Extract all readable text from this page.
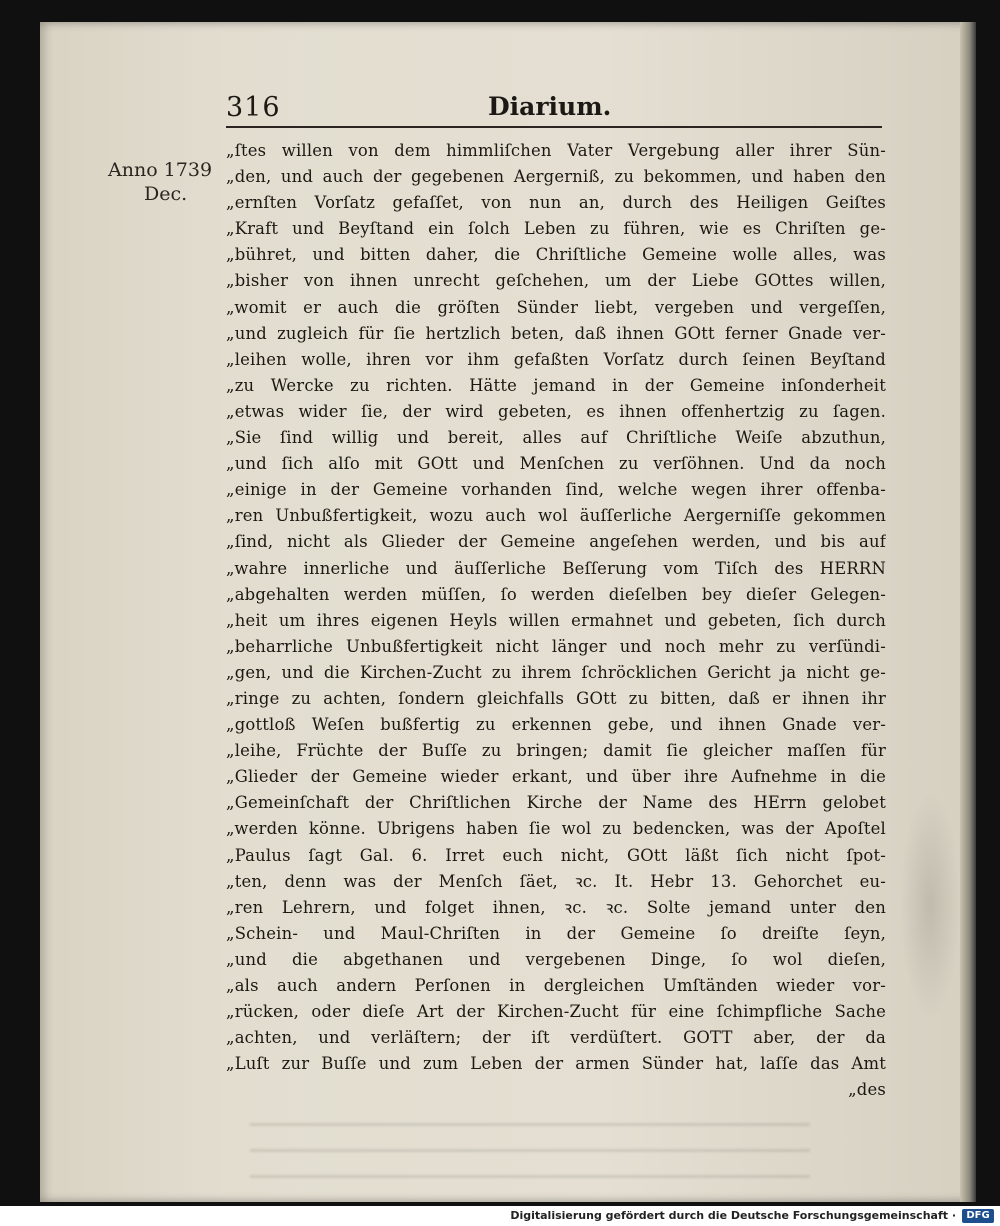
316	Diarium.
Anno 1739
Dec.
„ſtes willen von dem himmliſchen Vater Vergebung aller ihrer Sün-
„den, und auch der gegebenen Aergerniß, zu bekommen, und haben den
„ernſten Vorſatz gefaſſet, von nun an, durch des Heiligen Geiſtes
„Kraft und Beyſtand ein ſolch Leben zu führen, wie es Chriſten ge-
„bühret, und bitten daher, die Chriſtliche Gemeine wolle alles, was
„bisher von ihnen unrecht geſchehen, um der Liebe GOttes willen,
„womit er auch die gröſten Sünder liebt, vergeben und vergeſſen,
„und zugleich für ſie hertzlich beten, daß ihnen GOtt ferner Gnade ver-
„leihen wolle, ihren vor ihm gefaßten Vorſatz durch ſeinen Beyſtand
„zu Wercke zu richten. Hätte jemand in der Gemeine inſonderheit
„etwas wider ſie, der wird gebeten, es ihnen offenhertzig zu ſagen.
„Sie ſind willig und bereit, alles auf Chriſtliche Weiſe abzuthun,
„und ſich alſo mit GOtt und Menſchen zu verſöhnen. Und da noch
„einige in der Gemeine vorhanden ſind, welche wegen ihrer offenba-
„ren Unbußfertigkeit, wozu auch wol äuſſerliche Aergerniſſe gekommen
„ſind, nicht als Glieder der Gemeine angeſehen werden, und bis auf
„wahre innerliche und äuſſerliche Beſſerung vom Tiſch des HERRN
„abgehalten werden müſſen, ſo werden dieſelben bey dieſer Gelegen-
„heit um ihres eigenen Heyls willen ermahnet und gebeten, ſich durch
„beharrliche Unbußfertigkeit nicht länger und noch mehr zu verſündi-
„gen, und die Kirchen-Zucht zu ihrem ſchröcklichen Gericht ja nicht ge-
„ringe zu achten, ſondern gleichfalls GOtt zu bitten, daß er ihnen ihr
„gottloß Weſen bußfertig zu erkennen gebe, und ihnen Gnade ver-
„leihe, Früchte der Buſſe zu bringen; damit ſie gleicher maſſen für
„Glieder der Gemeine wieder erkant, und über ihre Aufnehme in die
„Gemeinſchaft der Chriſtlichen Kirche der Name des HErrn gelobet
„werden könne. Ubrigens haben ſie wol zu bedencken, was der Apoſtel
„Paulus ſagt Gal. 6. Irret euch nicht, GOtt läßt ſich nicht ſpot-
„ten, denn was der Menſch ſäet, ꝛc. It. Hebr 13. Gehorchet eu-
„ren Lehrern, und folget ihnen, ꝛc. ꝛc. Solte jemand unter den
„Schein- und Maul-Chriſten in der Gemeine ſo dreiſte ſeyn,
„und die abgethanen und vergebenen Dinge, ſo wol dieſen,
„als auch andern Perſonen in dergleichen Umſtänden wieder vor-
„rücken, oder dieſe Art der Kirchen-Zucht für eine ſchimpfliche Sache
„achten, und verläſtern; der iſt verdüſtert. GOTT aber, der da
„Luſt zur Buſſe und zum Leben der armen Sünder hat, laſſe das Amt
„des
Digitalisierung gefördert durch die Deutsche Forschungsgemeinschaft ·	DFG
